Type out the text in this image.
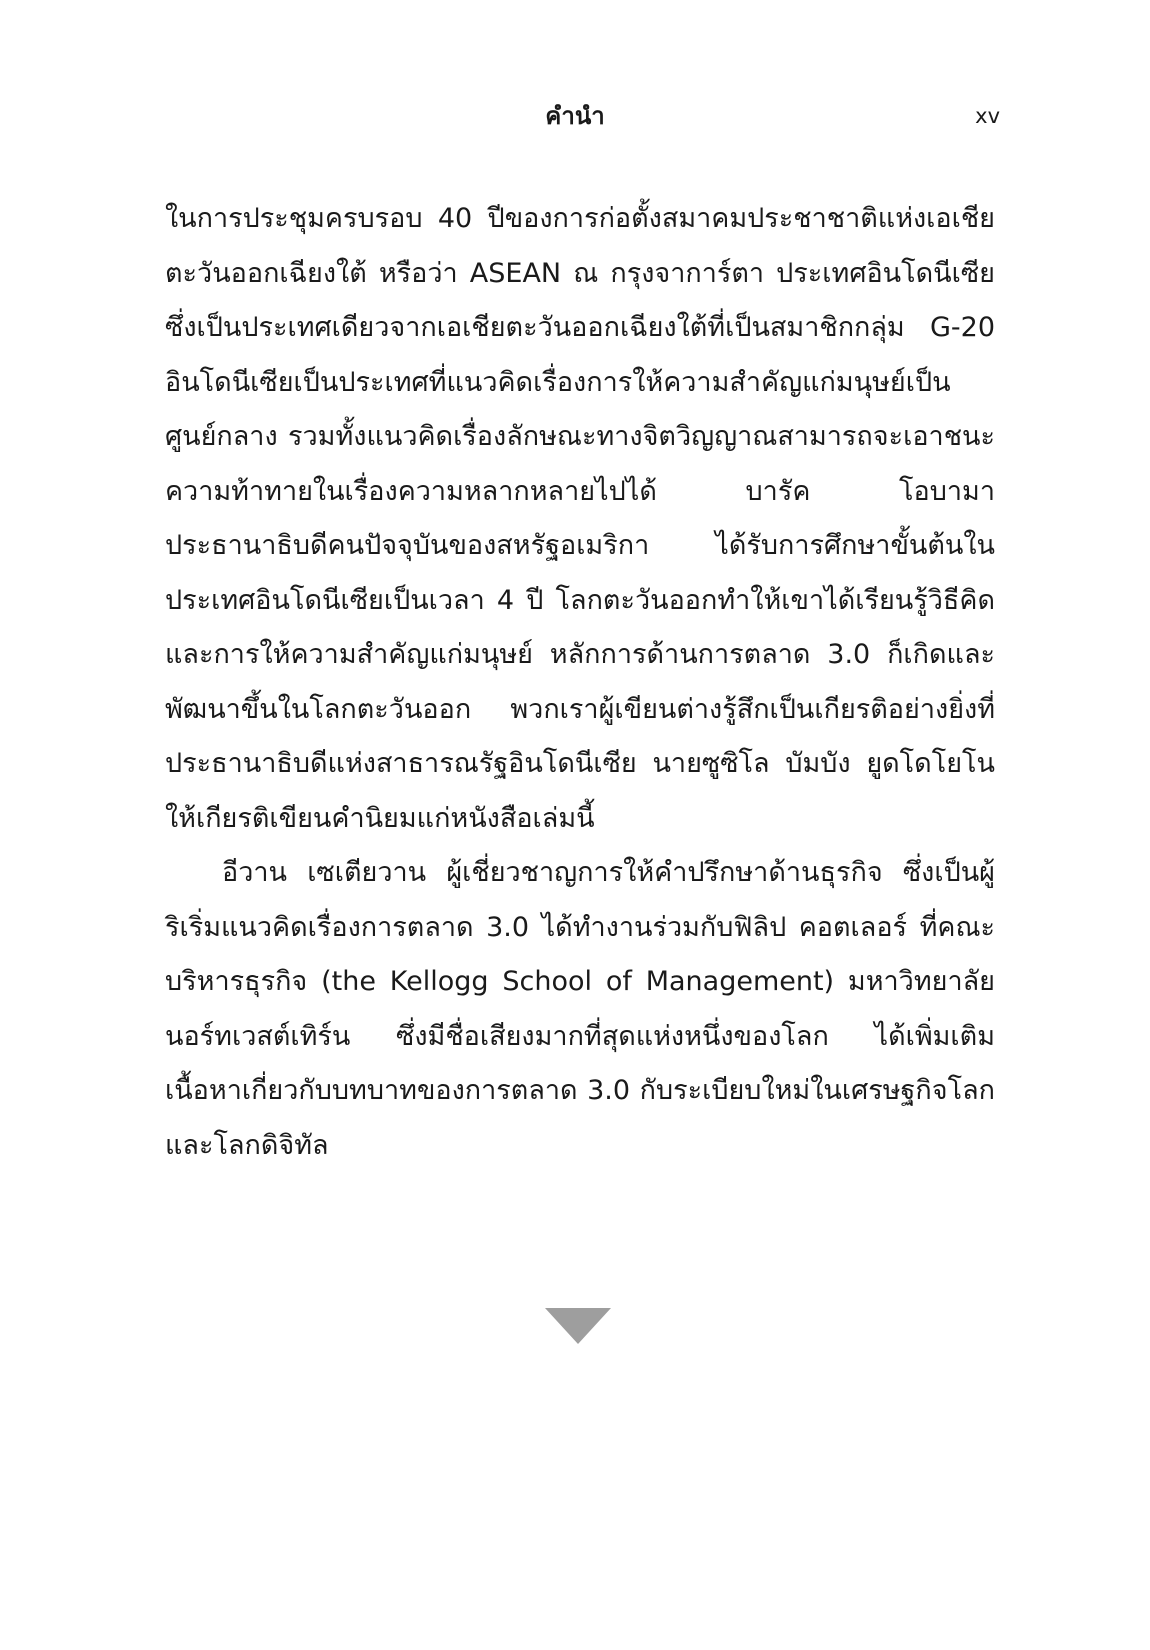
คำนำ	xv

ในการประชุมครบรอบ 40 ปีของการก่อตั้งสมาคมประชาชาติแห่งเอเชียตะวันออกเฉียงใต้ หรือว่า ASEAN ณ กรุงจาการ์ตา ประเทศอินโดนีเซีย ซึ่งเป็นประเทศเดียวจากเอเชียตะวันออกเฉียงใต้ที่เป็นสมาชิกกลุ่ม G-20 อินโดนีเซียเป็นประเทศที่แนวคิดเรื่องการให้ความสำคัญแก่มนุษย์เป็นศูนย์กลาง รวมทั้งแนวคิดเรื่องลักษณะทางจิตวิญญาณสามารถจะเอาชนะความท้าทายในเรื่องความหลากหลายไปได้ บารัค โอบามา ประธานาธิบดีคนปัจจุบันของสหรัฐอเมริกา ได้รับการศึกษาขั้นต้นในประเทศอินโดนีเซียเป็นเวลา 4 ปี โลกตะวันออกทำให้เขาได้เรียนรู้วิธีคิดและการให้ความสำคัญแก่มนุษย์ หลักการด้านการตลาด 3.0 ก็เกิดและพัฒนาขึ้นในโลกตะวันออก พวกเราผู้เขียนต่างรู้สึกเป็นเกียรติอย่างยิ่งที่ประธานาธิบดีแห่งสาธารณรัฐอินโดนีเซีย นายซูซิโล บัมบัง ยูดโดโยโน ให้เกียรติเขียนคำนิยมแก่หนังสือเล่มนี้

อีวาน เซเตียวาน ผู้เชี่ยวชาญการให้คำปรึกษาด้านธุรกิจ ซึ่งเป็นผู้ริเริ่มแนวคิดเรื่องการตลาด 3.0 ได้ทำงานร่วมกับฟิลิป คอตเลอร์ ที่คณะบริหารธุรกิจ (the Kellogg School of Management) มหาวิทยาลัยนอร์ทเวสต์เทิร์น ซึ่งมีชื่อเสียงมากที่สุดแห่งหนึ่งของโลก ได้เพิ่มเติมเนื้อหาเกี่ยวกับบทบาทของการตลาด 3.0 กับระเบียบใหม่ในเศรษฐกิจโลกและโลกดิจิทัล
